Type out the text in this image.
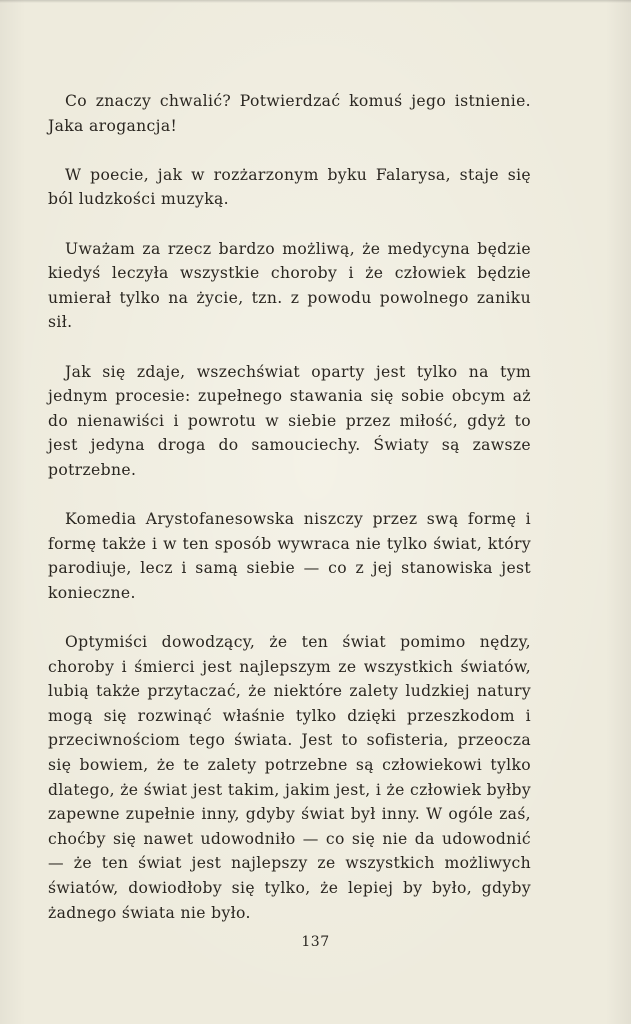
Co znaczy chwalić? Potwierdzać komuś jego istnienie. Jaka arogancja!

W poecie, jak w rozżarzonym byku Falarysa, staje się ból ludzkości muzyką.

Uważam za rzecz bardzo możliwą, że medycyna będzie kiedyś leczyła wszystkie choroby i że człowiek będzie umierał tylko na życie, tzn. z powodu powolnego zaniku sił.

Jak się zdaje, wszechświat oparty jest tylko na tym jednym procesie: zupełnego stawania się sobie obcym aż do nienawiści i powrotu w siebie przez miłość, gdyż to jest jedyna droga do samouciechy. Światy są zawsze potrzebne.

Komedia Arystofanesowska niszczy przez swą formę i formę także i w ten sposób wywraca nie tylko świat, który parodiuje, lecz i samą siebie — co z jej stanowiska jest konieczne.

Optymiści dowodzący, że ten świat pomimo nędzy, choroby i śmierci jest najlepszym ze wszystkich światów, lubią także przytaczać, że niektóre zalety ludzkiej natury mogą się rozwinąć właśnie tylko dzięki przeszkodom i przeciwnościom tego świata. Jest to sofisteria, przeocza się bowiem, że te zalety potrzebne są człowiekowi tylko dlatego, że świat jest takim, jakim jest, i że człowiek byłby zapewne zupełnie inny, gdyby świat był inny. W ogóle zaś, choćby się nawet udowodniło — co się nie da udowodnić — że ten świat jest najlepszy ze wszystkich możliwych światów, dowiodłoby się tylko, że lepiej by było, gdyby żadnego świata nie było.

137
